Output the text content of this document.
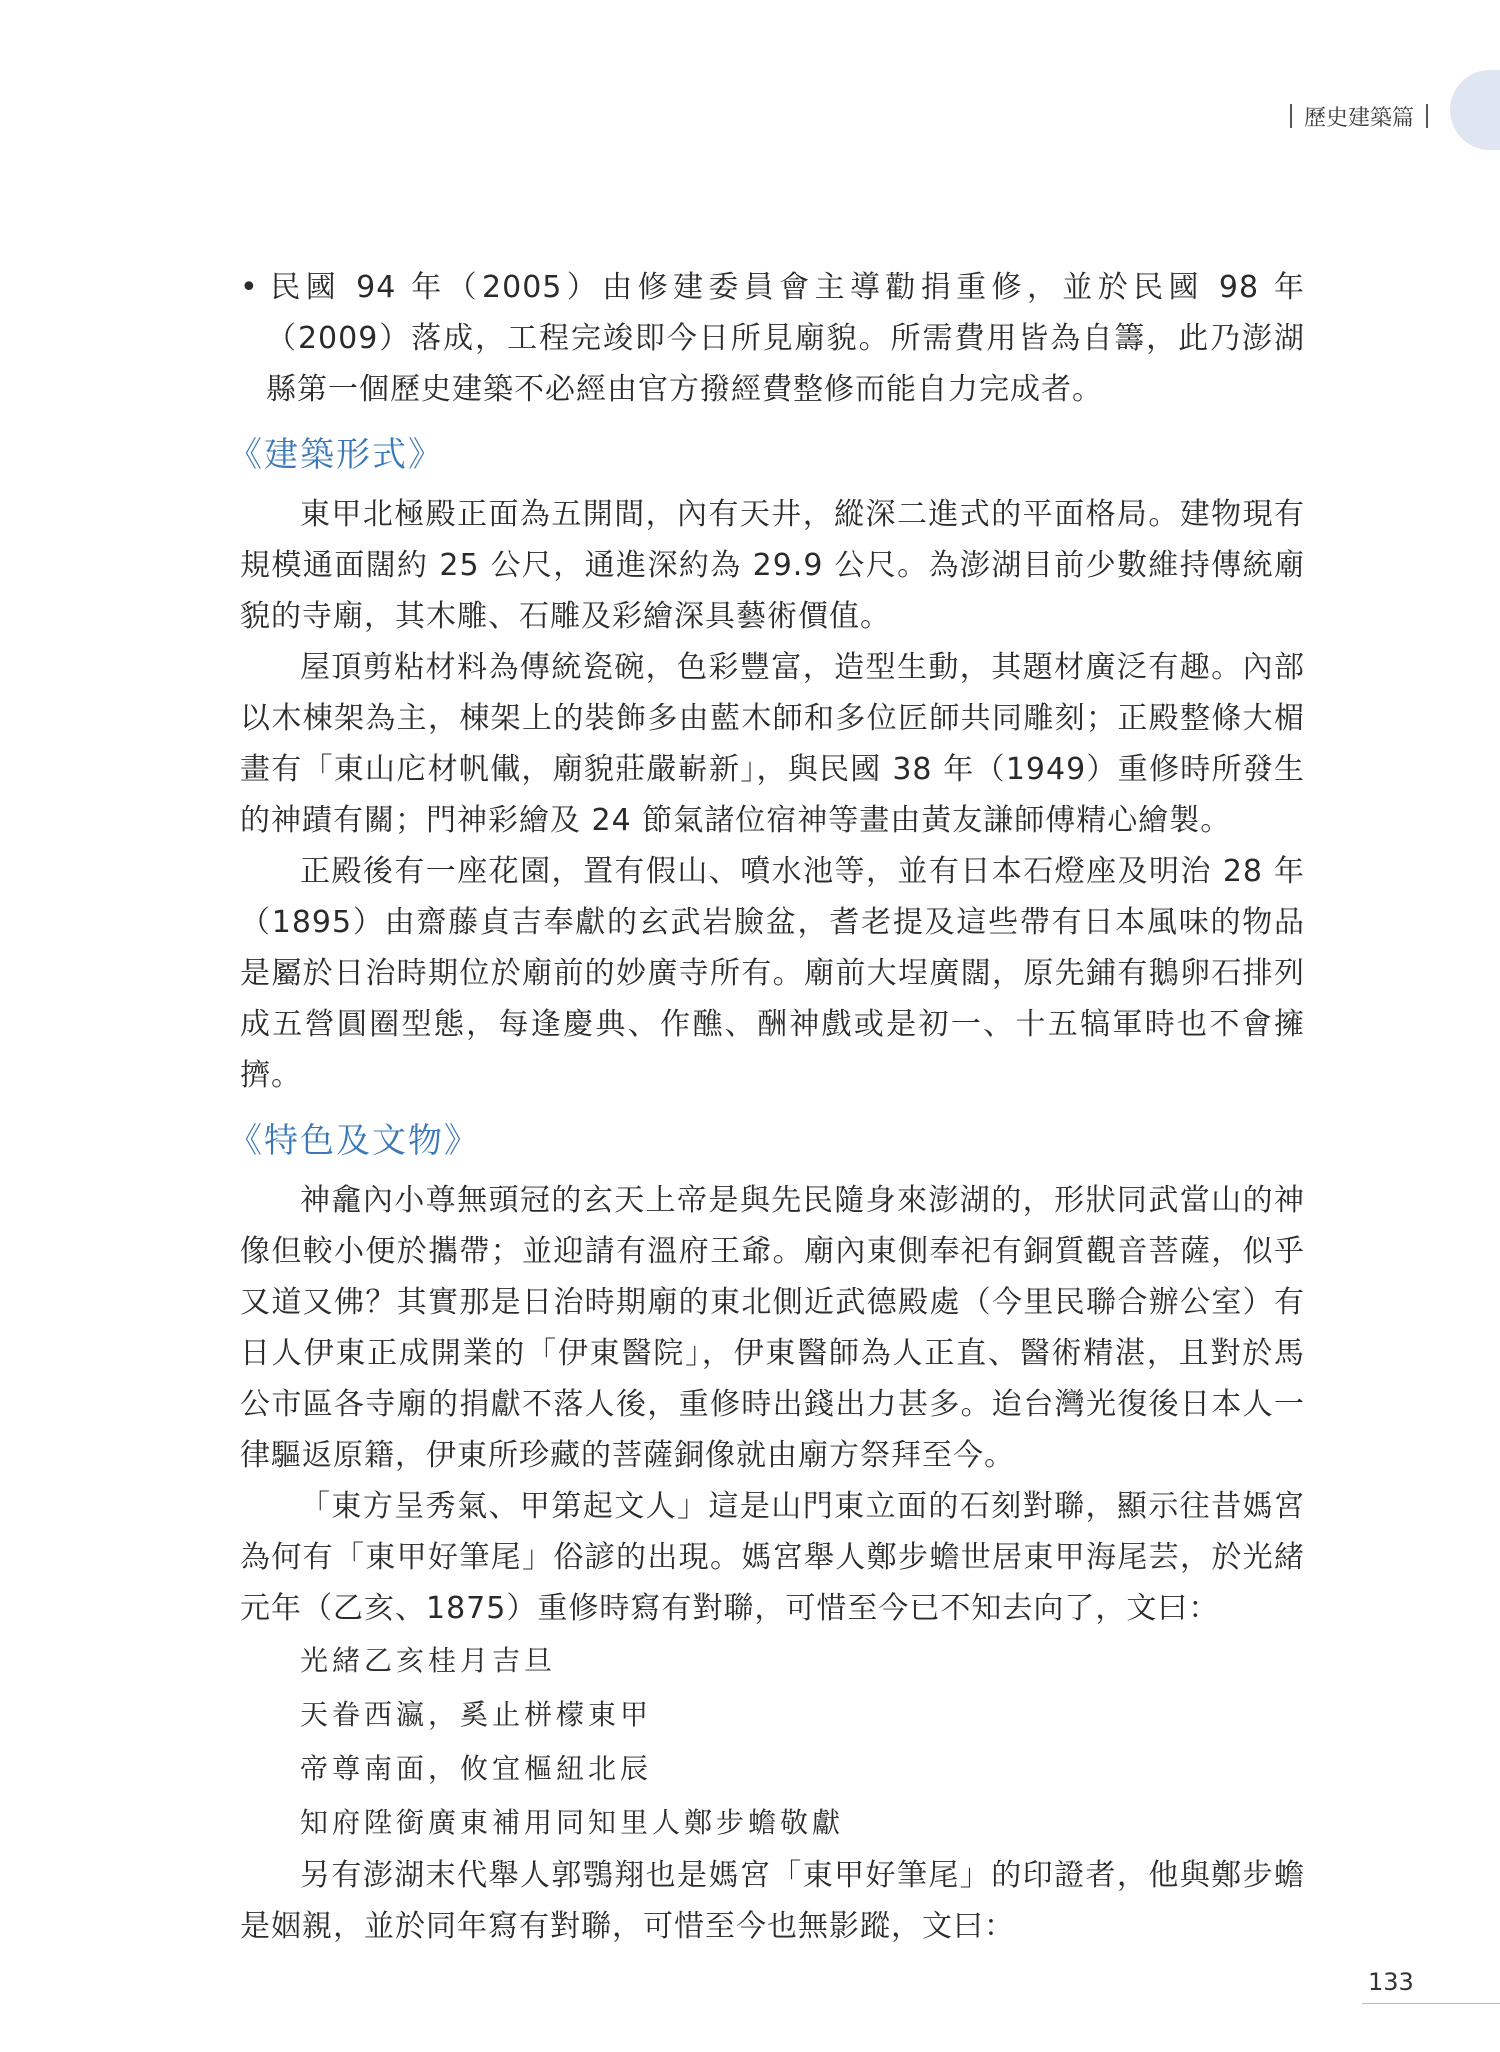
歷史建築篇

• 民國 94 年（2005）由修建委員會主導勸捐重修，並於民國 98 年（2009）落成，工程完竣即今日所見廟貌。所需費用皆為自籌，此乃澎湖縣第一個歷史建築不必經由官方撥經費整修而能自力完成者。

《建築形式》

東甲北極殿正面為五開間，內有天井，縱深二進式的平面格局。建物現有規模通面闊約 25 公尺，通進深約為 29.9 公尺。為澎湖目前少數維持傳統廟貌的寺廟，其木雕、石雕及彩繪深具藝術價值。

屋頂剪粘材料為傳統瓷碗，色彩豐富，造型生動，其題材廣泛有趣。內部以木棟架為主，棟架上的裝飾多由藍木師和多位匠師共同雕刻；正殿整條大楣畫有「東山庀材帆儎，廟貌莊嚴嶄新」，與民國 38 年（1949）重修時所發生的神蹟有關；門神彩繪及 24 節氣諸位宿神等畫由黃友謙師傅精心繪製。

正殿後有一座花園，置有假山、噴水池等，並有日本石燈座及明治 28 年（1895）由齋藤貞吉奉獻的玄武岩臉盆，耆老提及這些帶有日本風味的物品是屬於日治時期位於廟前的妙廣寺所有。廟前大埕廣闊，原先鋪有鵝卵石排列成五營圓圈型態，每逢慶典、作醮、酬神戲或是初一、十五犒軍時也不會擁擠。

《特色及文物》

神龕內小尊無頭冠的玄天上帝是與先民隨身來澎湖的，形狀同武當山的神像但較小便於攜帶；並迎請有溫府王爺。廟內東側奉祀有銅質觀音菩薩，似乎又道又佛？其實那是日治時期廟的東北側近武德殿處（今里民聯合辦公室）有日人伊東正成開業的「伊東醫院」，伊東醫師為人正直、醫術精湛，且對於馬公市區各寺廟的捐獻不落人後，重修時出錢出力甚多。迨台灣光復後日本人一律驅返原籍，伊東所珍藏的菩薩銅像就由廟方祭拜至今。

「東方呈秀氣、甲第起文人」這是山門東立面的石刻對聯，顯示往昔媽宮為何有「東甲好筆尾」俗諺的出現。媽宮舉人鄭步蟾世居東甲海尾芸，於光緒元年（乙亥、1875）重修時寫有對聯，可惜至今已不知去向了，文曰：

光緒乙亥桂月吉旦

天眷西瀛，奚止栟檬東甲

帝尊南面，攸宜樞紐北辰

知府陞銜廣東補用同知里人鄭步蟾敬獻

另有澎湖末代舉人郭鶚翔也是媽宮「東甲好筆尾」的印證者，他與鄭步蟾是姻親，並於同年寫有對聯，可惜至今也無影蹤，文曰：

133
